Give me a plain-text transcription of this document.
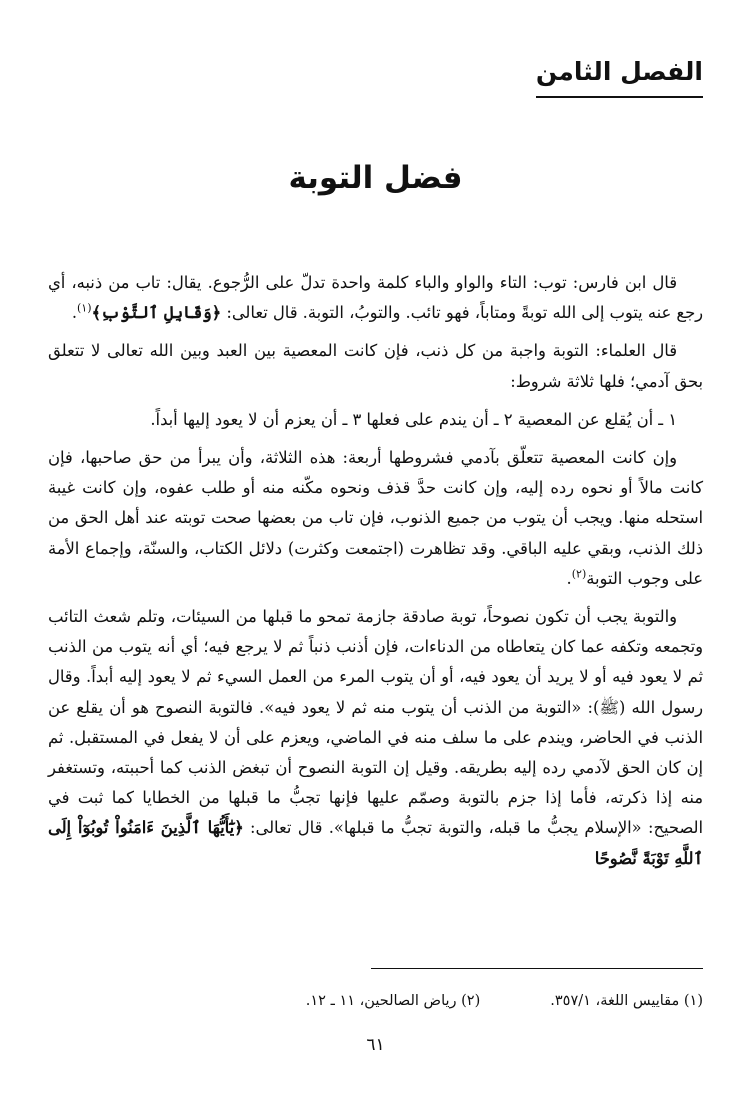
الفصل الثامن
فضل التوبة

قال ابن فارس: توب: التاء والواو والباء كلمة واحدة تدلّ على الرُّجوع. يقال: تاب من ذنبه، أي رجع عنه يتوب إلى الله توبةً ومتاباً، فهو تائب. والتوبُ، التوبة. قال تعالى: ﴿وَقَابِلِ ٱلتَّوْبِ﴾$^{(١)}$.

قال العلماء: التوبة واجبة من كل ذنب، فإن كانت المعصية بين العبد وبين الله تعالى لا تتعلق بحق آدمي؛ فلها ثلاثة شروط:

١ ـ أن يُقلع عن المعصية ٢ ـ أن يندم على فعلها ٣ ـ أن يعزم أن لا يعود إليها أبداً.

وإن كانت المعصية تتعلّق بآدمي فشروطها أربعة: هذه الثلاثة، وأن يبرأ من حق صاحبها، فإن كانت مالاً أو نحوه رده إليه، وإن كانت حدَّ قذف ونحوه مكّنه منه أو طلب عفوه، وإن كانت غيبة استحله منها. ويجب أن يتوب من جميع الذنوب، فإن تاب من بعضها صحت توبته عند أهل الحق من ذلك الذنب، وبقي عليه الباقي. وقد تظاهرت (اجتمعت وكثرت) دلائل الكتاب، والسنّة، وإجماع الأمة على وجوب التوبة$^{(٢)}$.

والتوبة يجب أن تكون نصوحاً، توبة صادقة جازمة تمحو ما قبلها من السيئات، وتلم شعث التائب وتجمعه وتكفه عما كان يتعاطاه من الدناءات، فإن أذنب ذنباً ثم لا يرجع فيه؛ أي أنه يتوب من الذنب ثم لا يعود فيه أو لا يريد أن يعود فيه، أو أن يتوب المرء من العمل السيء ثم لا يعود إليه أبداً. وقال رسول الله (ﷺ): «التوبة من الذنب أن يتوب منه ثم لا يعود فيه». فالتوبة النصوح هو أن يقلع عن الذنب في الحاضر، ويندم على ما سلف منه في الماضي، ويعزم على أن لا يفعل في المستقبل. ثم إن كان الحق لآدمي رده إليه بطريقه. وقيل إن التوبة النصوح أن تبغض الذنب كما أحببته، وتستغفر منه إذا ذكرته، فأما إذا جزم بالتوبة وصمّم عليها فإنها تجبُّ ما قبلها من الخطايا كما ثبت في الصحيح: «الإسلام يجبُّ ما قبله، والتوبة تجبُّ ما قبلها». قال تعالى: ﴿يَٰٓأَيُّهَا ٱلَّذِينَ ءَامَنُواْ تُوبُوٓاْ إِلَى ٱللَّهِ تَوْبَةً نَّصُوحًا

(١) مقاييس اللغة، ٣٥٧/١.
(٢) رياض الصالحين، ١١ ـ ١٢.
٦١
